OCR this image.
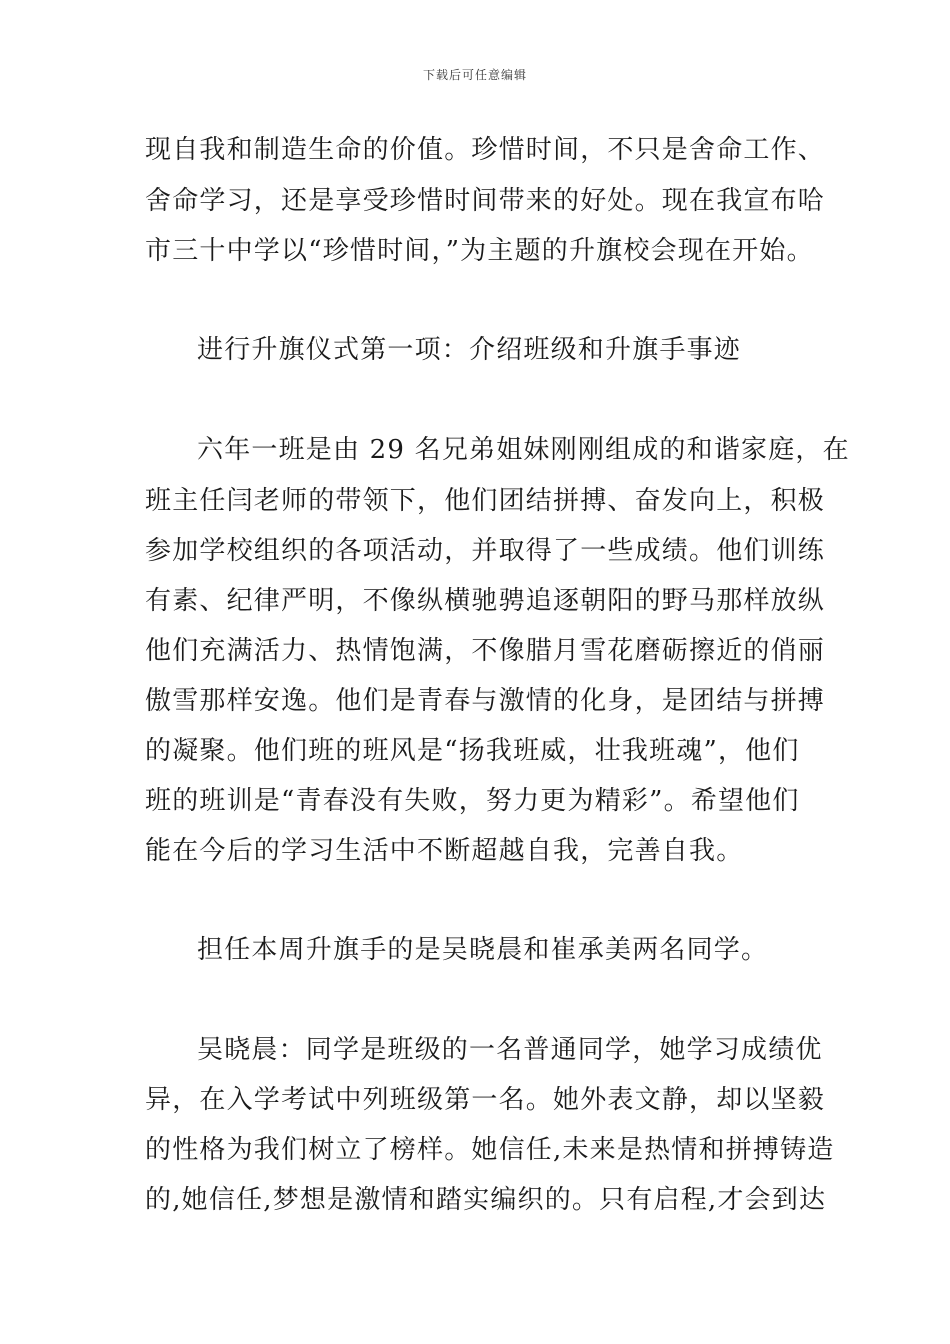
下载后可任意编辑
现自我和制造生命的价值。珍惜时间，不只是舍命工作、
舍命学习，还是享受珍惜时间带来的好处。现在我宣布哈
市三十中学以“珍惜时间，”为主题的升旗校会现在开始。
进行升旗仪式第一项：介绍班级和升旗手事迹
六年一班是由 29 名兄弟姐妹刚刚组成的和谐家庭，在
班主任闫老师的带领下，他们团结拼搏、奋发向上，积极
参加学校组织的各项活动，并取得了一些成绩。他们训练
有素、纪律严明，不像纵横驰骋追逐朝阳的野马那样放纵
他们充满活力、热情饱满，不像腊月雪花磨砺擦近的俏丽
傲雪那样安逸。他们是青春与激情的化身，是团结与拼搏
的凝聚。他们班的班风是“扬我班威，壮我班魂”，他们
班的班训是“青春没有失败，努力更为精彩”。希望他们
能在今后的学习生活中不断超越自我，完善自我。
担任本周升旗手的是吴晓晨和崔承美两名同学。
吴晓晨：同学是班级的一名普通同学，她学习成绩优
异，在入学考试中列班级第一名。她外表文静，却以坚毅
的性格为我们树立了榜样。她信任,未来是热情和拼搏铸造
的,她信任,梦想是激情和踏实编织的。只有启程,才会到达
